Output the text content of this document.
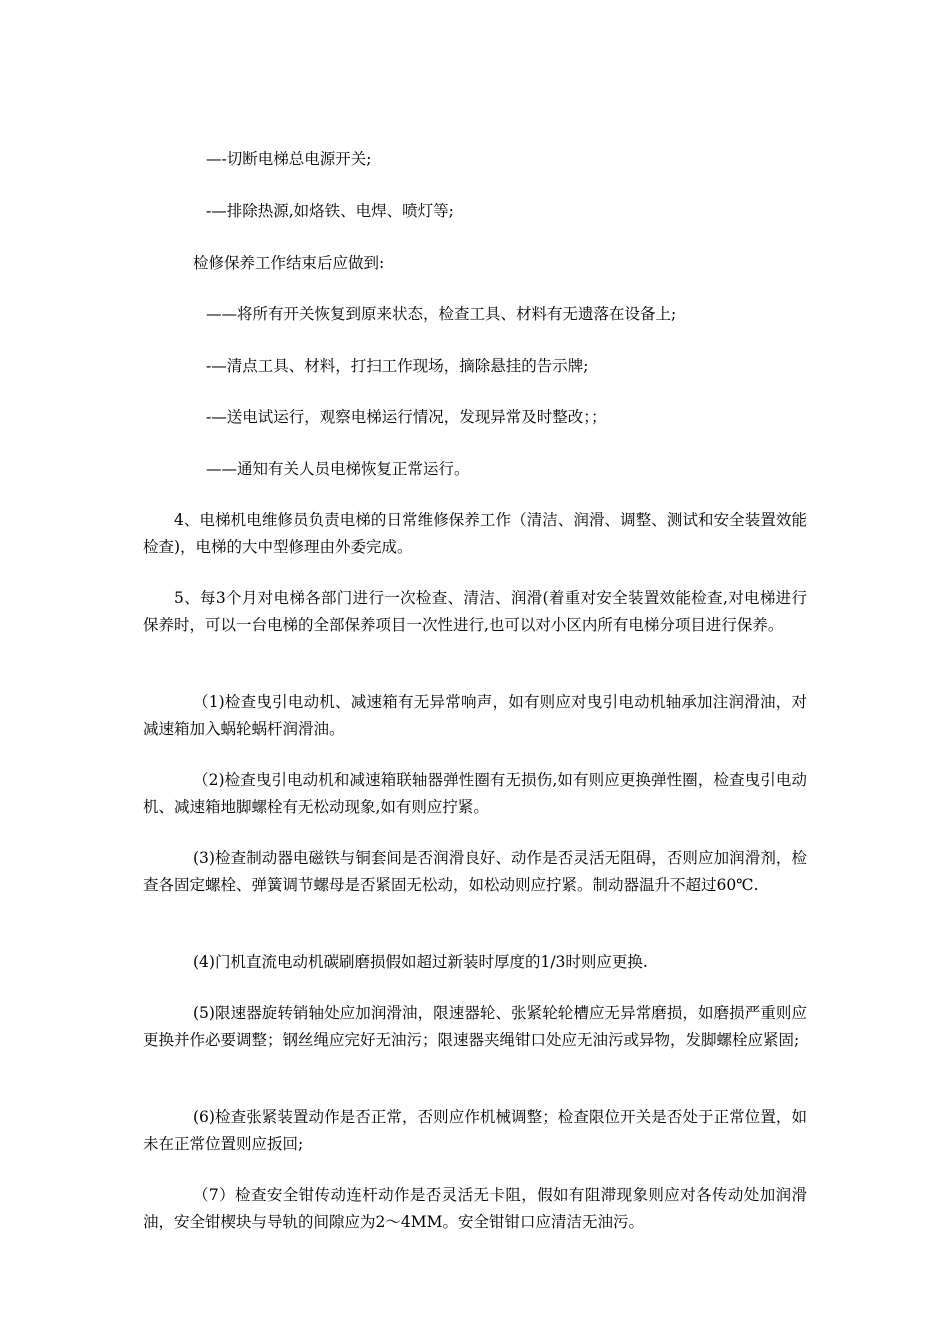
—-切断电梯总电源开关;
-—排除热源,如烙铁、电焊、喷灯等;
检修保养工作结束后应做到:
——将所有开关恢复到原来状态，检查工具、材料有无遗落在设备上;
-—清点工具、材料，打扫工作现场，摘除悬挂的告示牌;
-—送电试运行，观察电梯运行情况，发现异常及时整改；；
——通知有关人员电梯恢复正常运行。
4、电梯机电维修员负责电梯的日常维修保养工作（清洁、润滑、调整、测试和安全装置效能检查)，电梯的大中型修理由外委完成。
5、每3个月对电梯各部门进行一次检查、清洁、润滑(着重对安全装置效能检查,对电梯进行保养时，可以一台电梯的全部保养项目一次性进行,也可以对小区内所有电梯分项目进行保养。
（1)检查曳引电动机、减速箱有无异常响声，如有则应对曳引电动机轴承加注润滑油，对减速箱加入蜗轮蜗杆润滑油。
（2)检查曳引电动机和减速箱联轴器弹性圈有无损伤,如有则应更换弹性圈，检查曳引电动机、减速箱地脚螺栓有无松动现象,如有则应拧紧。
(3)检查制动器电磁铁与铜套间是否润滑良好、动作是否灵活无阻碍，否则应加润滑剂，检查各固定螺栓、弹簧调节螺母是否紧固无松动，如松动则应拧紧。制动器温升不超过60℃.
(4)门机直流电动机碳刷磨损假如超过新装时厚度的1/3时则应更换.
(5)限速器旋转销轴处应加润滑油，限速器轮、张紧轮轮槽应无异常磨损，如磨损严重则应更换并作必要调整；钢丝绳应完好无油污；限速器夹绳钳口处应无油污或异物，发脚螺栓应紧固;
(6)检查张紧装置动作是否正常，否则应作机械调整；检查限位开关是否处于正常位置，如未在正常位置则应扳回;
（7）检查安全钳传动连杆动作是否灵活无卡阻，假如有阻滞现象则应对各传动处加润滑油，安全钳楔块与导轨的间隙应为2～4MM。安全钳钳口应清洁无油污。
